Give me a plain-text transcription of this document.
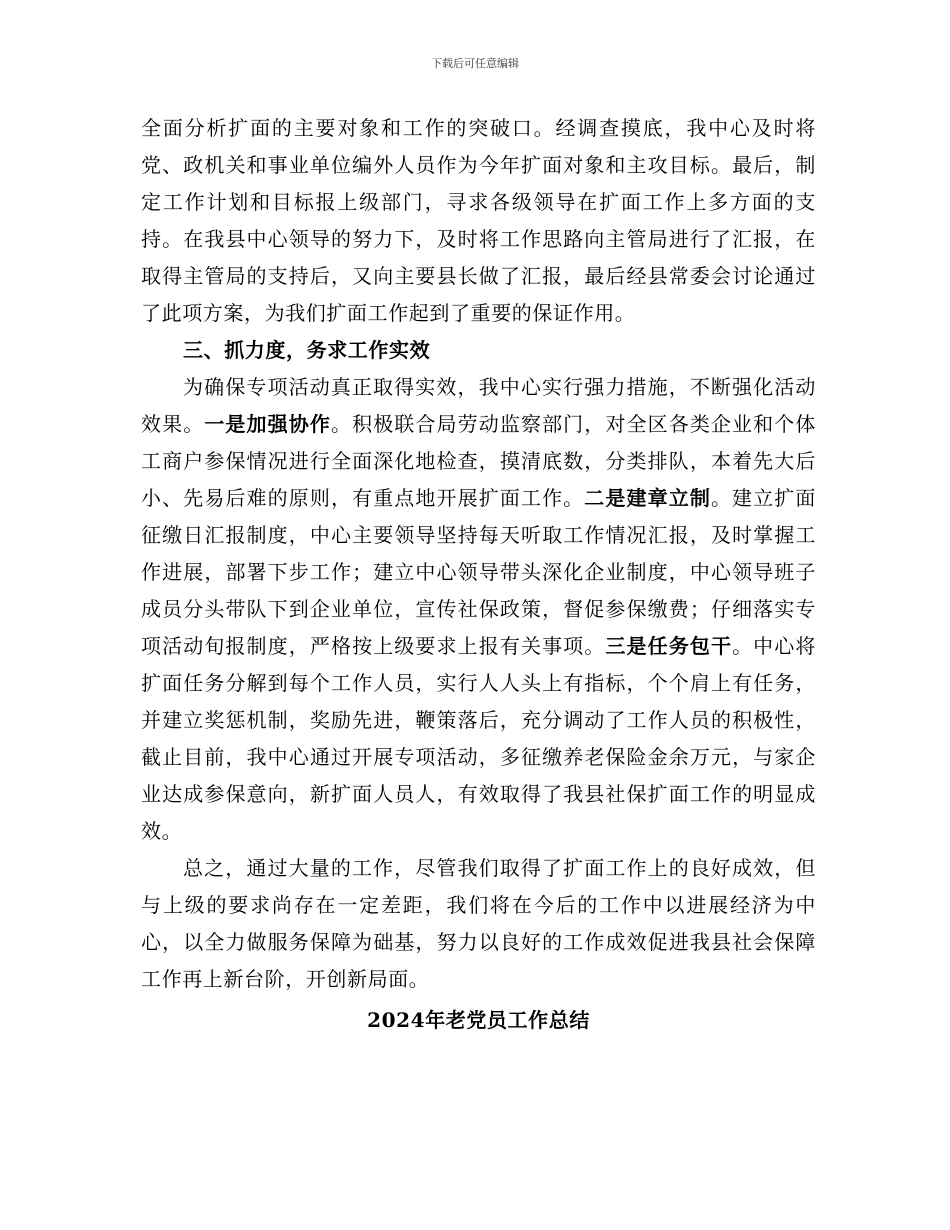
下载后可任意编辑

全面分析扩面的主要对象和工作的突破口。经调查摸底，我中心及时将党、政机关和事业单位编外人员作为今年扩面对象和主攻目标。最后，制定工作计划和目标报上级部门，寻求各级领导在扩面工作上多方面的支持。在我县中心领导的努力下，及时将工作思路向主管局进行了汇报，在取得主管局的支持后，又向主要县长做了汇报，最后经县常委会讨论通过了此项方案，为我们扩面工作起到了重要的保证作用。

三、抓力度，务求工作实效

为确保专项活动真正取得实效，我中心实行强力措施，不断强化活动效果。一是加强协作。积极联合局劳动监察部门，对全区各类企业和个体工商户参保情况进行全面深化地检查，摸清底数，分类排队，本着先大后小、先易后难的原则，有重点地开展扩面工作。二是建章立制。建立扩面征缴日汇报制度，中心主要领导坚持每天听取工作情况汇报，及时掌握工作进展，部署下步工作；建立中心领导带头深化企业制度，中心领导班子成员分头带队下到企业单位，宣传社保政策，督促参保缴费；仔细落实专项活动旬报制度，严格按上级要求上报有关事项。三是任务包干。中心将扩面任务分解到每个工作人员，实行人人头上有指标，个个肩上有任务，并建立奖惩机制，奖励先进，鞭策落后，充分调动了工作人员的积极性，截止目前，我中心通过开展专项活动，多征缴养老保险金余万元，与家企业达成参保意向，新扩面人员人，有效取得了我县社保扩面工作的明显成效。

总之，通过大量的工作，尽管我们取得了扩面工作上的良好成效，但与上级的要求尚存在一定差距，我们将在今后的工作中以进展经济为中心，以全力做服务保障为础基，努力以良好的工作成效促进我县社会保障工作再上新台阶，开创新局面。

2024年老党员工作总结
